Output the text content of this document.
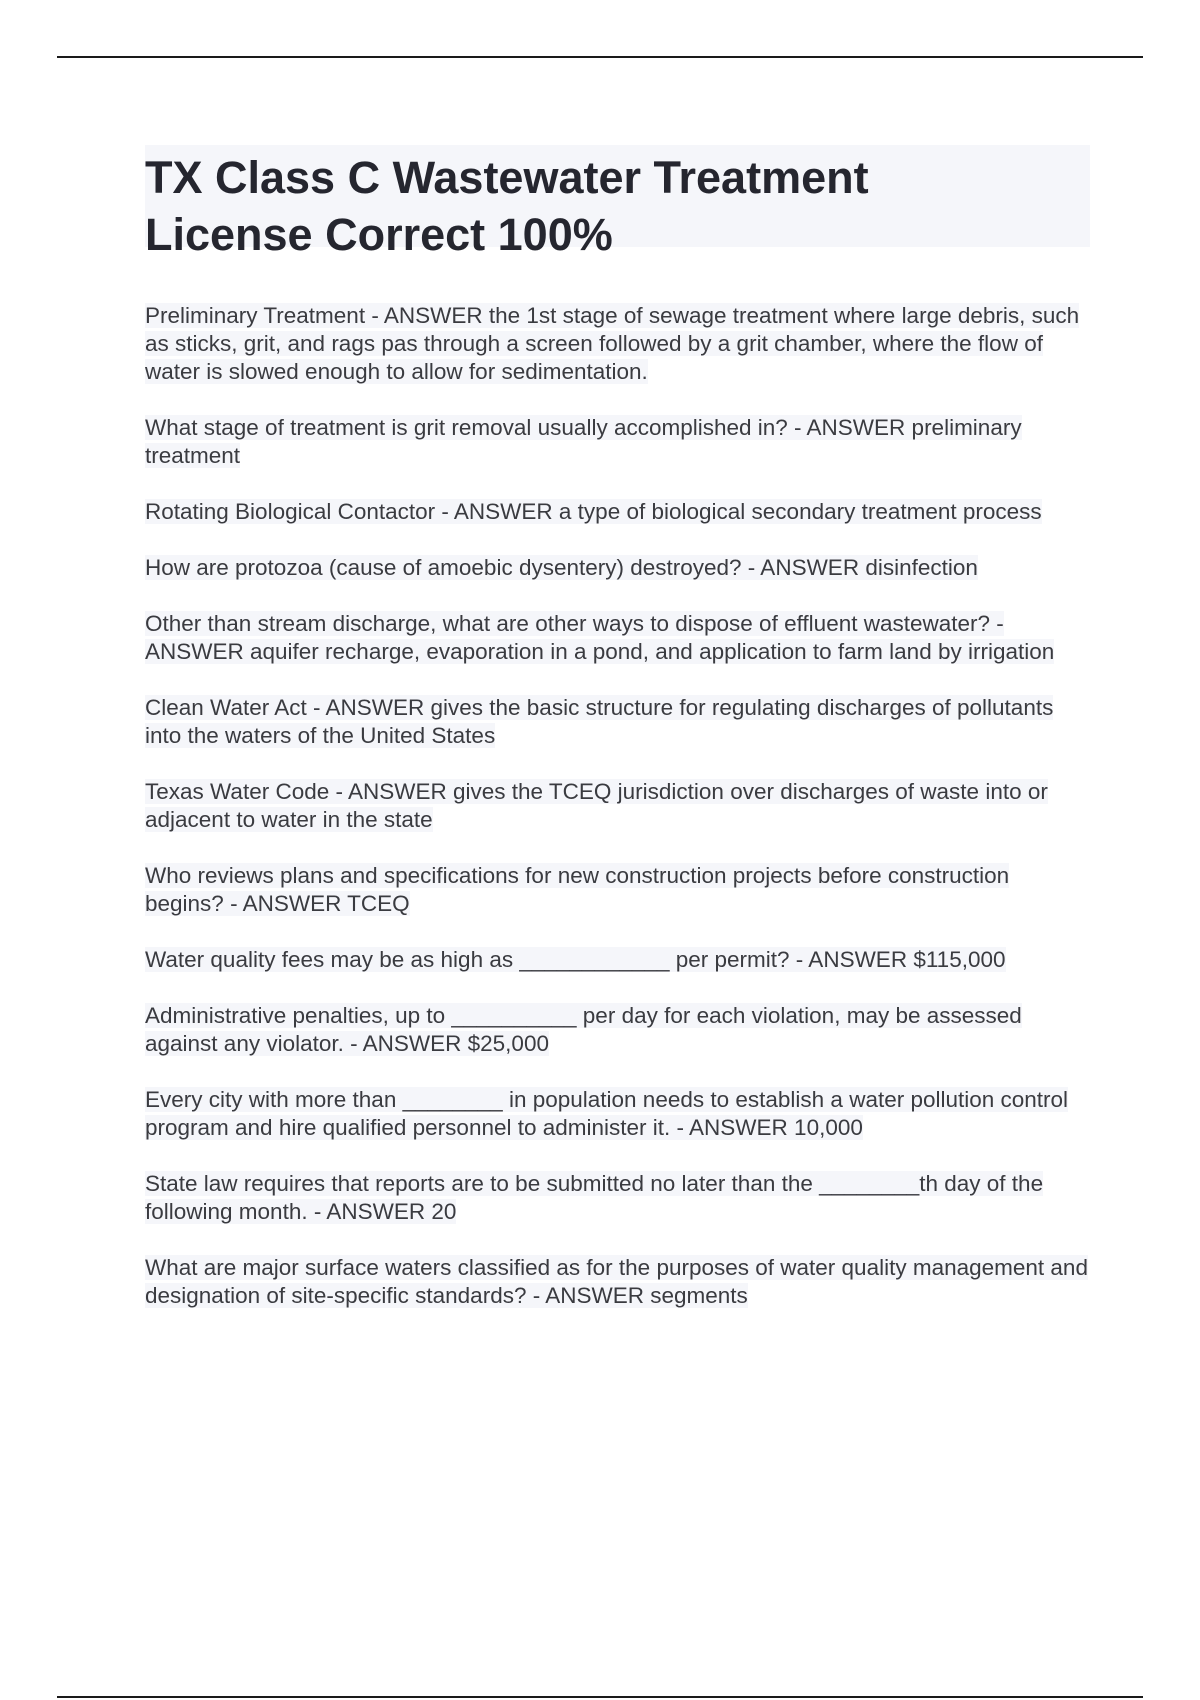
TX Class C Wastewater Treatment
License Correct 100%

Preliminary Treatment - ANSWER the 1st stage of sewage treatment where large debris, such as sticks, grit, and rags pas through a screen followed by a grit chamber, where the flow of water is slowed enough to allow for sedimentation.

What stage of treatment is grit removal usually accomplished in? - ANSWER preliminary treatment

Rotating Biological Contactor - ANSWER a type of biological secondary treatment process

How are protozoa (cause of amoebic dysentery) destroyed? - ANSWER disinfection

Other than stream discharge, what are other ways to dispose of effluent wastewater? - ANSWER aquifer recharge, evaporation in a pond, and application to farm land by irrigation

Clean Water Act - ANSWER gives the basic structure for regulating discharges of pollutants into the waters of the United States

Texas Water Code - ANSWER gives the TCEQ jurisdiction over discharges of waste into or adjacent to water in the state

Who reviews plans and specifications for new construction projects before construction begins? - ANSWER TCEQ

Water quality fees may be as high as ____________ per permit? - ANSWER $115,000

Administrative penalties, up to __________ per day for each violation, may be assessed against any violator. - ANSWER $25,000

Every city with more than ________ in population needs to establish a water pollution control program and hire qualified personnel to administer it. - ANSWER 10,000

State law requires that reports are to be submitted no later than the ________th day of the following month. - ANSWER 20

What are major surface waters classified as for the purposes of water quality management and designation of site-specific standards? - ANSWER segments
